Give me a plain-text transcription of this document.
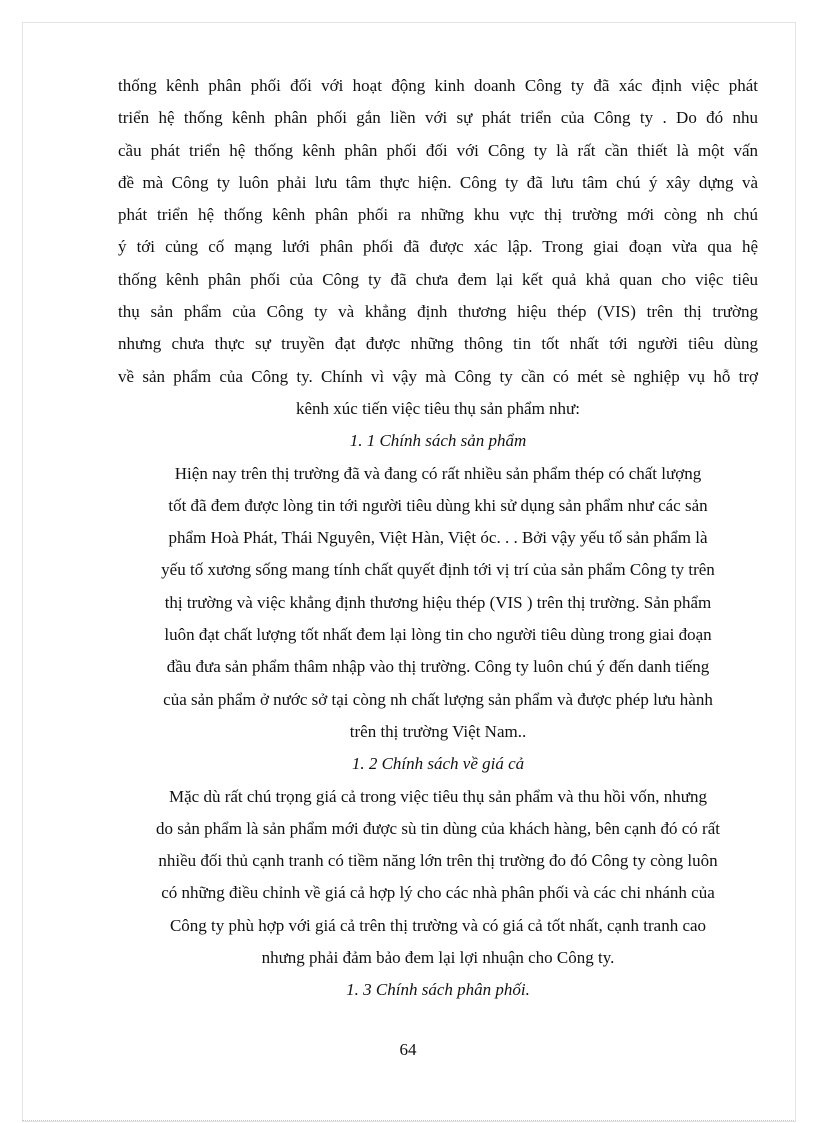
thống kênh phân phối đối với hoạt động kinh doanh Công ty đã xác định việc phát
triển hệ thống kênh phân phối gắn liền với sự phát triển của Công ty . Do đó nhu
cầu phát triển hệ thống kênh phân phối đối với Công ty là rất cần thiết là một vấn
đề mà Công ty luôn phải lưu tâm thực hiện. Công ty đã lưu tâm chú ý xây dựng và
phát triển hệ thống kênh phân phối ra những khu vực thị trường mới còng nh chú
ý tới củng cố mạng lưới phân phối đã được xác lập. Trong giai đoạn vừa qua hệ
thống kênh phân phối của Công ty đã chưa đem lại kết quả khả quan cho việc tiêu
thụ sản phẩm của Công ty và khẳng định thương hiệu thép (VIS) trên thị trường
nhưng chưa thực sự truyền đạt được những thông tin tốt nhất tới người tiêu dùng
về sản phẩm của Công ty. Chính vì vậy mà Công ty cần có mét sè nghiệp vụ hỗ trợ
kênh xúc tiến việc tiêu thụ sản phẩm như:
1. 1 Chính sách sản phẩm
Hiện nay trên thị trường đã và đang có rất nhiều sản phẩm thép có chất lượng
tốt đã đem được lòng tin tới người tiêu dùng khi sử dụng sản phẩm như các sản
phẩm Hoà Phát, Thái Nguyên, Việt Hàn, Việt óc. . . Bởi vậy yếu tố sản phẩm là
yếu tố xương sống mang tính chất quyết định tới vị trí của sản phẩm Công ty trên
thị trường và việc khẳng định thương hiệu thép (VIS ) trên thị trường. Sản phẩm
luôn đạt chất lượng tốt nhất đem lại lòng tin cho người tiêu dùng trong giai đoạn
đầu đưa sản phẩm thâm nhập vào thị trường. Công ty luôn chú ý đến danh tiếng
của sản phẩm ở nước sở tại còng nh chất lượng sản phẩm và được phép lưu hành
trên thị trường Việt Nam..
1. 2 Chính sách về giá cả
Mặc dù rất chú trọng giá cả trong việc tiêu thụ sản phẩm và thu hồi vốn, nhưng
do sản phẩm là sản phẩm mới được sù tin dùng của khách hàng, bên cạnh đó có rất
nhiều đối thủ cạnh tranh có tiềm năng lớn trên thị trường đo đó Công ty còng luôn
có những điều chỉnh về giá cả hợp lý cho các nhà phân phối và các chi nhánh của
Công ty phù hợp với giá cả trên thị trường và có giá cả tốt nhất, cạnh tranh cao
nhưng phải đảm bảo đem lại lợi nhuận cho Công ty.
1. 3 Chính sách phân phối.
64
